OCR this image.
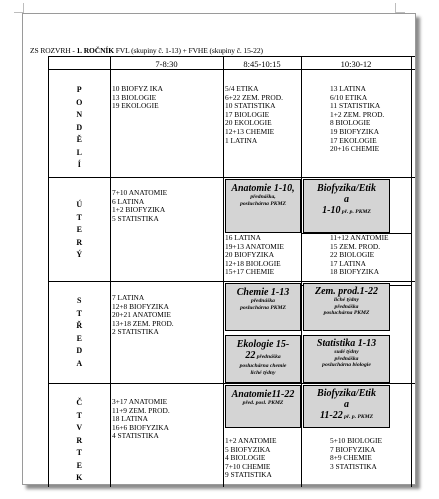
ZS ROZVRH - 1. ROČNÍK FVL (skupiny č. 1-13) + FVHE (skupiny č. 15-22)
7-8:30	8:45-10:15	10:30-12
P
O
N
D
Ě
L
Í
Ú
T
E
R
Ý
S
T
Ř
E
D
A
Č
T
V
R
T
E
K
10 BIOFYZ IKA
13 BIOLOGIE
19 EKOLOGIE
5/4 ETIKA
6+22 ZEM. PROD.
10 STATISTIKA
17 BIOLOGIE
20 EKOLOGIE
12+13 CHEMIE
1 LATINA
13 LATINA
6/10 ETIKA
11 STATISTIKA
1+2 ZEM. PROD.
8 BIOLOGIE
19 BIOFYZIKA
17 EKOLOGIE
20+16 CHEMIE
7+10 ANATOMIE
6 LATINA
1+2 BIOFYZIKA
5 STATISTIKA
Anatomie 1-10,
přednáška,
posluchárna PKMZ
Biofyzika/Etik
a
1-10 př. p. PKMZ
16 LATINA
19+13 ANATOMIE
20 BIOFYZIKA
12+18 BIOLOGIE
15+17 CHEMIE
11+12 ANATOMIE
15 ZEM. PROD.
22 BIOLOGIE
17 LATINA
18 BIOFYZIKA
7 LATINA
12+8 BIOFYZIKA
20+21 ANATOMIE
13+18 ZEM. PROD.
2 STATISTIKA
Chemie 1-13
přednáška
posluchárna PKMZ
Zem. prod.1-22
liché týdny
přednáška
posluchárna PKMZ
Ekologie 15-
22 přednáška
posluchárna chemie
liché týdny
Statistika 1-13
sudé týdny
přednáška
posluchárna biologie
3+17 ANATOMIE
11+9 ZEM. PROD.
18 LATINA
16+6 BIOFYZIKA
4 STATISTIKA
Anatomie11-22
před. posl. PKMZ
Biofyzika/Etik
a
11-22 př. p. PKMZ
1+2 ANATOMIE
5 BIOFYZIKA
4 BIOLOGIE
7+10 CHEMIE
9 STATISTIKA
5+10 BIOLOGIE
7 BIOFYZIKA
8+9 CHEMIE
3 STATISTIKA
